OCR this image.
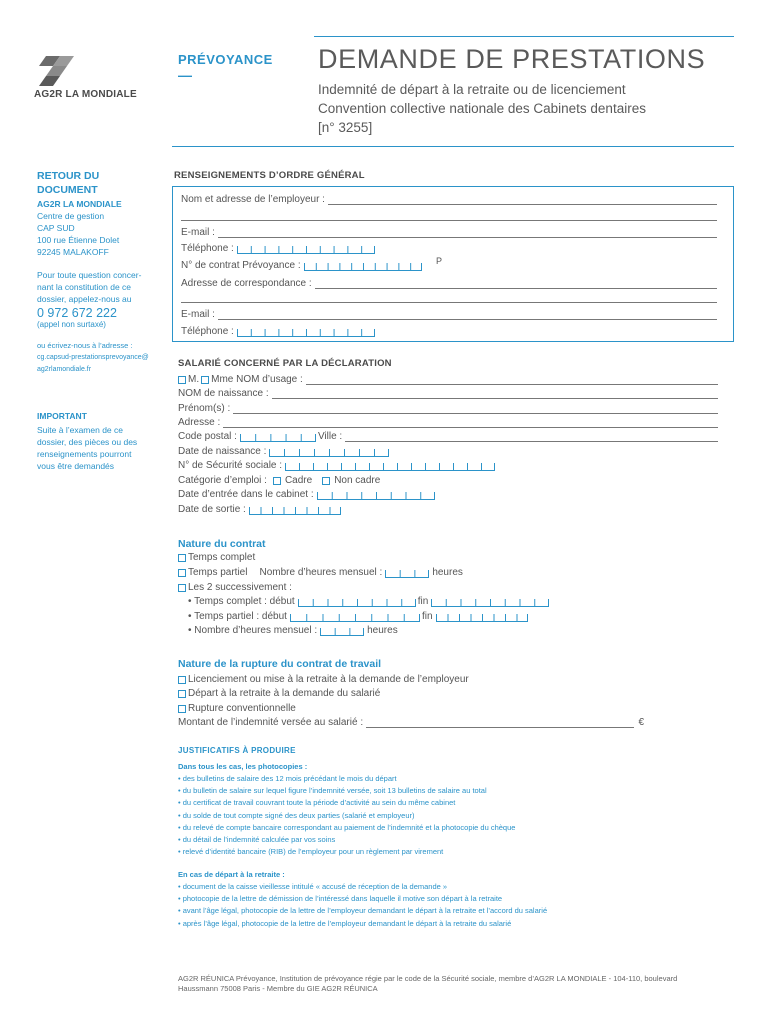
AG2R LA MONDIALE
PRÉVOYANCE
—
DEMANDE DE PRESTATIONS
Indemnité de départ à la retraite ou de licenciement
Convention collective nationale des Cabinets dentaires
[n° 3255]
RETOUR DU
DOCUMENT
AG2R LA MONDIALE
Centre de gestion
CAP SUD
100 rue Étienne Dolet
92245 MALAKOFF
Pour toute question concer-
nant la constitution de ce
dossier, appelez-nous au
0 972 672 222
(appel non surtaxé)
ou écrivez-nous à l’adresse :
cg.capsud-prestationsprevoyance@
ag2rlamondiale.fr
IMPORTANT
Suite à l’examen de ce
dossier, des pièces ou des
renseignements pourront
vous être demandés
RENSEIGNEMENTS D’ORDRE GÉNÉRAL
Nom et adresse de l’employeur :
E-mail :
Téléphone :
N° de contrat Prévoyance :	P
Adresse de correspondance :
E-mail :
Téléphone :
SALARIÉ CONCERNÉ PAR LA DÉCLARATION
M. Mme NOM d’usage :
NOM de naissance :
Prénom(s) :
Adresse :
Code postal :	Ville :
Date de naissance :
N° de Sécurité sociale :
Catégorie d’emploi : Cadre Non cadre
Date d’entrée dans le cabinet :
Date de sortie :
Nature du contrat
Temps complet
Temps partiel Nombre d’heures mensuel :	heures
Les 2 successivement :
• Temps complet : début	fin
• Temps partiel : début	fin
• Nombre d’heures mensuel :	heures
Nature de la rupture du contrat de travail
Licenciement ou mise à la retraite à la demande de l’employeur
Départ à la retraite à la demande du salarié
Rupture conventionnelle
Montant de l’indemnité versée au salarié :	€
JUSTIFICATIFS À PRODUIRE
Dans tous les cas, les photocopies :
• des bulletins de salaire des 12 mois précédant le mois du départ
• du bulletin de salaire sur lequel figure l’indemnité versée, soit 13 bulletins de salaire au total
• du certificat de travail couvrant toute la période d’activité au sein du même cabinet
• du solde de tout compte signé des deux parties (salarié et employeur)
• du relevé de compte bancaire correspondant au paiement de l’indemnité et la photocopie du chèque
• du détail de l’indemnité calculée par vos soins
• relevé d’identité bancaire (RIB) de l’employeur pour un règlement par virement
En cas de départ à la retraite :
• document de la caisse vieillesse intitulé « accusé de réception de la demande »
• photocopie de la lettre de démission de l’intéressé dans laquelle il motive son départ à la retraite
• avant l’âge légal, photocopie de la lettre de l’employeur demandant le départ à la retraite et l’accord du salarié
• après l’âge légal, photocopie de la lettre de l’employeur demandant le départ à la retraite du salarié
AG2R RÉUNICA Prévoyance, Institution de prévoyance régie par le code de la Sécurité sociale, membre d’AG2R LA MONDIALE - 104-110, boulevard
Haussmann 75008 Paris - Membre du GIE AG2R RÉUNICA
